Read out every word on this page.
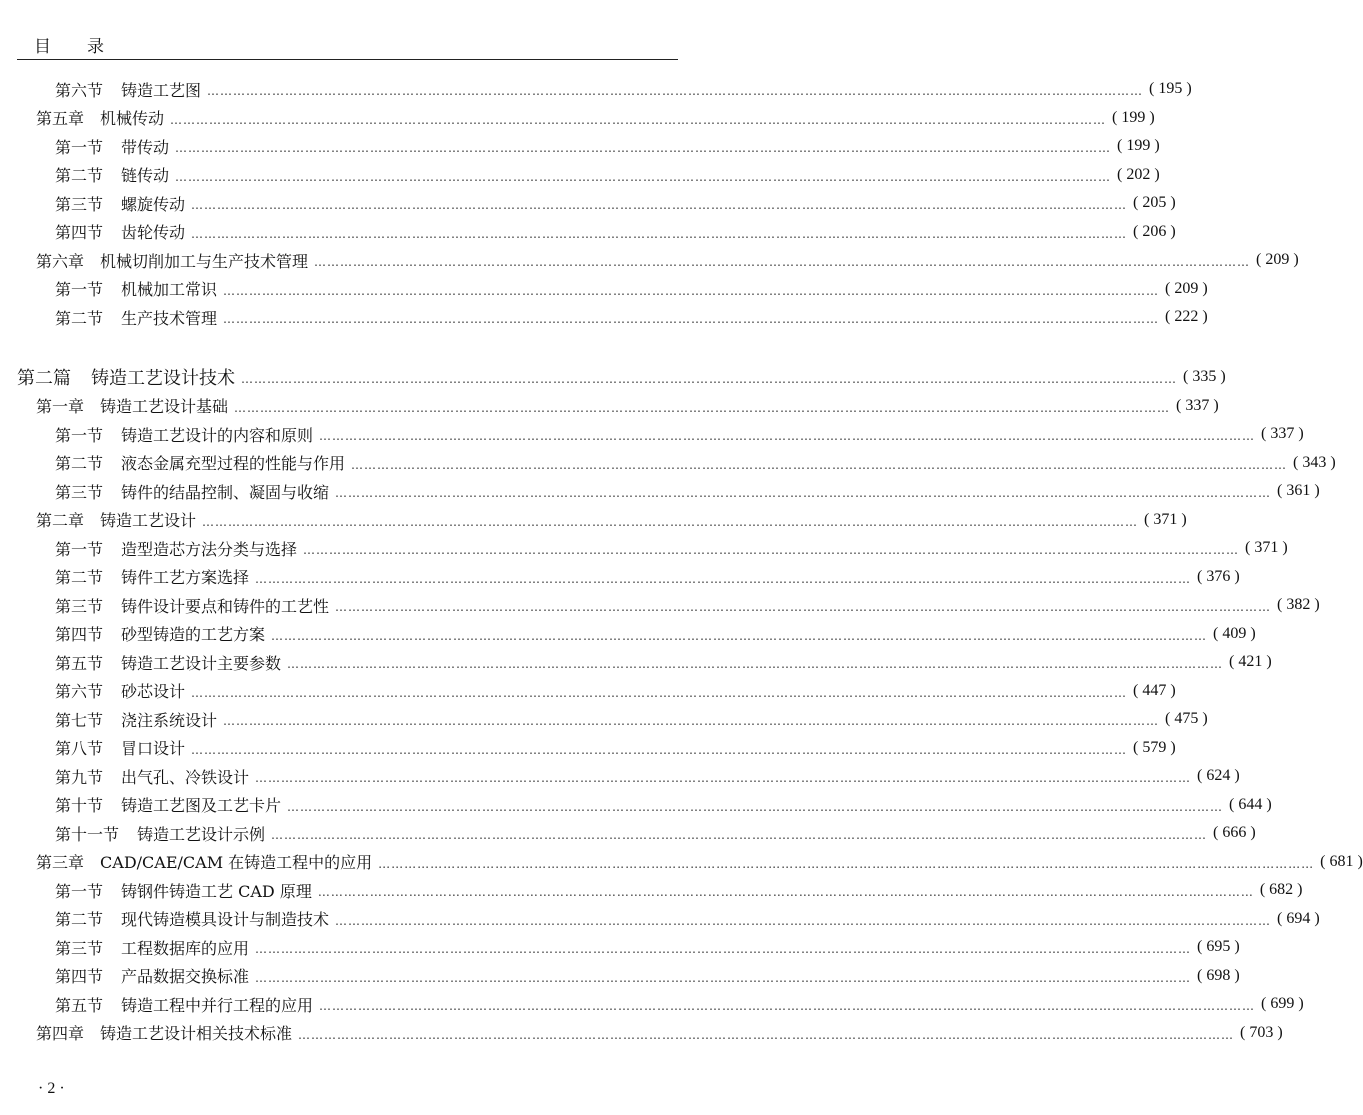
目 录
第六节 铸造工艺图 ……………………………………………………………………………………………………………………………………………………………………………………………… ( 195 )
第五章 机械传动 ……………………………………………………………………………………………………………………………………………………………………………………………… ( 199 )
第一节 带传动 ……………………………………………………………………………………………………………………………………………………………………………………………… ( 199 )
第二节 链传动 ……………………………………………………………………………………………………………………………………………………………………………………………… ( 202 )
第三节 螺旋传动 ……………………………………………………………………………………………………………………………………………………………………………………………… ( 205 )
第四节 齿轮传动 ……………………………………………………………………………………………………………………………………………………………………………………………… ( 206 )
第六章 机械切削加工与生产技术管理 ……………………………………………………………………………………………………………………………………………………………………………………………… ( 209 )
第一节 机械加工常识 ……………………………………………………………………………………………………………………………………………………………………………………………… ( 209 )
第二节 生产技术管理 ……………………………………………………………………………………………………………………………………………………………………………………………… ( 222 )
第二篇 铸造工艺设计技术 ……………………………………………………………………………………………………………………………………………………………………………………………… ( 335 )
第一章 铸造工艺设计基础 ……………………………………………………………………………………………………………………………………………………………………………………………… ( 337 )
第一节 铸造工艺设计的内容和原则 ……………………………………………………………………………………………………………………………………………………………………………………………… ( 337 )
第二节 液态金属充型过程的性能与作用 ……………………………………………………………………………………………………………………………………………………………………………………………… ( 343 )
第三节 铸件的结晶控制、凝固与收缩 ……………………………………………………………………………………………………………………………………………………………………………………………… ( 361 )
第二章 铸造工艺设计 ……………………………………………………………………………………………………………………………………………………………………………………………… ( 371 )
第一节 造型造芯方法分类与选择 ……………………………………………………………………………………………………………………………………………………………………………………………… ( 371 )
第二节 铸件工艺方案选择 ……………………………………………………………………………………………………………………………………………………………………………………………… ( 376 )
第三节 铸件设计要点和铸件的工艺性 ……………………………………………………………………………………………………………………………………………………………………………………………… ( 382 )
第四节 砂型铸造的工艺方案 ……………………………………………………………………………………………………………………………………………………………………………………………… ( 409 )
第五节 铸造工艺设计主要参数 ……………………………………………………………………………………………………………………………………………………………………………………………… ( 421 )
第六节 砂芯设计 ……………………………………………………………………………………………………………………………………………………………………………………………… ( 447 )
第七节 浇注系统设计 ……………………………………………………………………………………………………………………………………………………………………………………………… ( 475 )
第八节 冒口设计 ……………………………………………………………………………………………………………………………………………………………………………………………… ( 579 )
第九节 出气孔、冷铁设计 ……………………………………………………………………………………………………………………………………………………………………………………………… ( 624 )
第十节 铸造工艺图及工艺卡片 ……………………………………………………………………………………………………………………………………………………………………………………………… ( 644 )
第十一节 铸造工艺设计示例 ……………………………………………………………………………………………………………………………………………………………………………………………… ( 666 )
第三章 CAD/CAE/CAM 在铸造工程中的应用 ……………………………………………………………………………………………………………………………………………………………………………………………… ( 681 )
第一节 铸钢件铸造工艺 CAD 原理 ……………………………………………………………………………………………………………………………………………………………………………………………… ( 682 )
第二节 现代铸造模具设计与制造技术 ……………………………………………………………………………………………………………………………………………………………………………………………… ( 694 )
第三节 工程数据库的应用 ……………………………………………………………………………………………………………………………………………………………………………………………… ( 695 )
第四节 产品数据交换标准 ……………………………………………………………………………………………………………………………………………………………………………………………… ( 698 )
第五节 铸造工程中并行工程的应用 ……………………………………………………………………………………………………………………………………………………………………………………………… ( 699 )
第四章 铸造工艺设计相关技术标准 ……………………………………………………………………………………………………………………………………………………………………………………………… ( 703 )
· 2 ·
